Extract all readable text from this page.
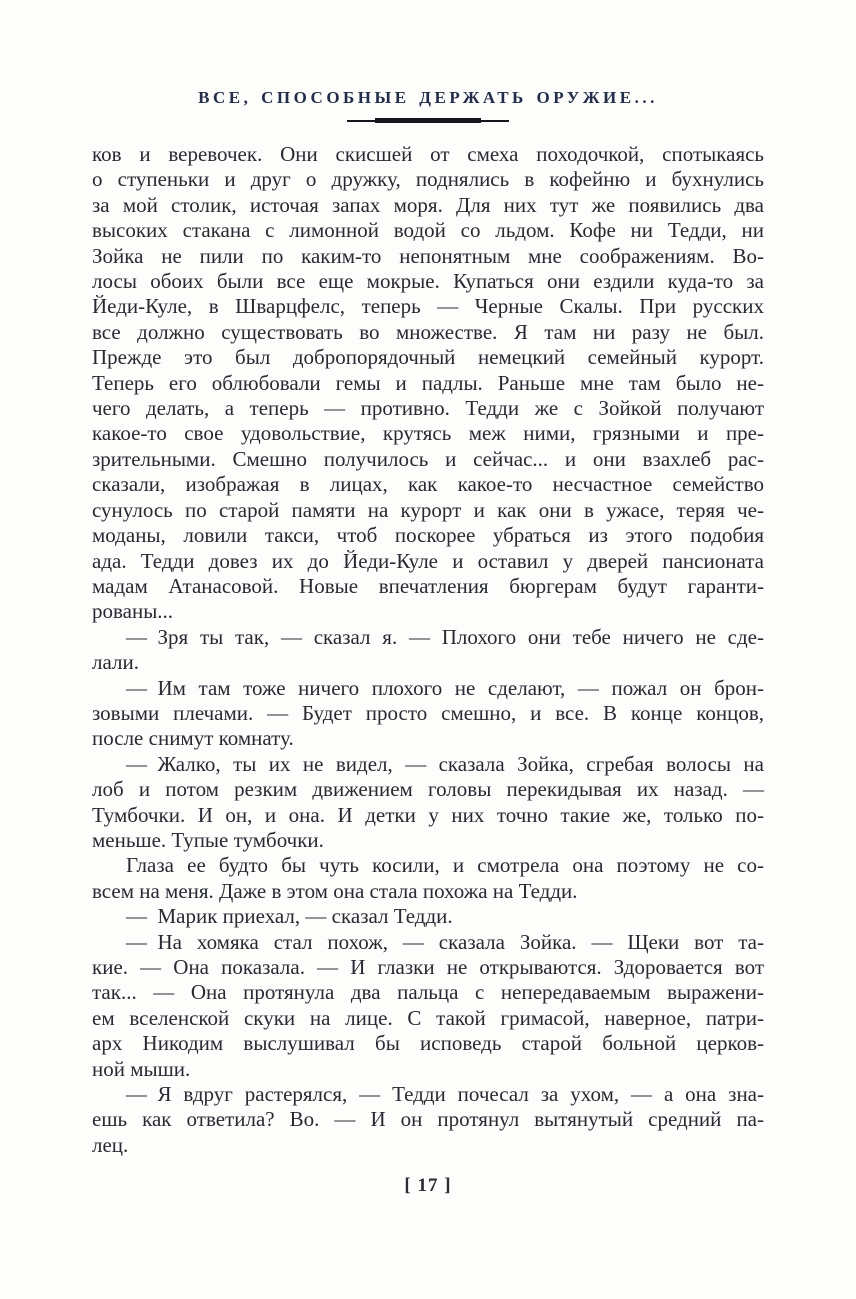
ВСЕ, СПОСОБНЫЕ ДЕРЖАТЬ ОРУЖИЕ...
ков и веревочек. Они скисшей от смеха походочкой, спотыкаясь
о ступеньки и друг о дружку, поднялись в кофейню и бухнулись
за мой столик, источая запах моря. Для них тут же появились два
высоких стакана с лимонной водой со льдом. Кофе ни Тедди, ни
Зойка не пили по каким-то непонятным мне соображениям. Во-
лосы обоих были все еще мокрые. Купаться они ездили куда-то за
Йеди-Куле, в Шварцфелс, теперь — Черные Скалы. При русских
все должно существовать во множестве. Я там ни разу не был.
Прежде это был добропорядочный немецкий семейный курорт.
Теперь его облюбовали гемы и падлы. Раньше мне там было не-
чего делать, а теперь — противно. Тедди же с Зойкой получают
какое-то свое удовольствие, крутясь меж ними, грязными и пре-
зрительными. Смешно получилось и сейчас... и они взахлеб рас-
сказали, изображая в лицах, как какое-то несчастное семейство
сунулось по старой памяти на курорт и как они в ужасе, теряя че-
моданы, ловили такси, чтоб поскорее убраться из этого подобия
ада. Тедди довез их до Йеди-Куле и оставил у дверей пансионата
мадам Атанасовой. Новые впечатления бюргерам будут гаранти-
рованы...
— Зря ты так, — сказал я. — Плохого они тебе ничего не сде-
лали.
— Им там тоже ничего плохого не сделают, — пожал он брон-
зовыми плечами. — Будет просто смешно, и все. В конце концов,
после снимут комнату.
— Жалко, ты их не видел, — сказала Зойка, сгребая волосы на
лоб и потом резким движением головы перекидывая их назад. —
Тумбочки. И он, и она. И детки у них точно такие же, только по-
меньше. Тупые тумбочки.
Глаза ее будто бы чуть косили, и смотрела она поэтому не со-
всем на меня. Даже в этом она стала похожа на Тедди.
— Марик приехал, — сказал Тедди.
— На хомяка стал похож, — сказала Зойка. — Щеки вот та-
кие. — Она показала. — И глазки не открываются. Здоровается вот
так... — Она протянула два пальца с непередаваемым выражени-
ем вселенской скуки на лице. С такой гримасой, наверное, патри-
арх Никодим выслушивал бы исповедь старой больной церков-
ной мыши.
— Я вдруг растерялся, — Тедди почесал за ухом, — а она зна-
ешь как ответила? Во. — И он протянул вытянутый средний па-
лец.
[ 17 ]
